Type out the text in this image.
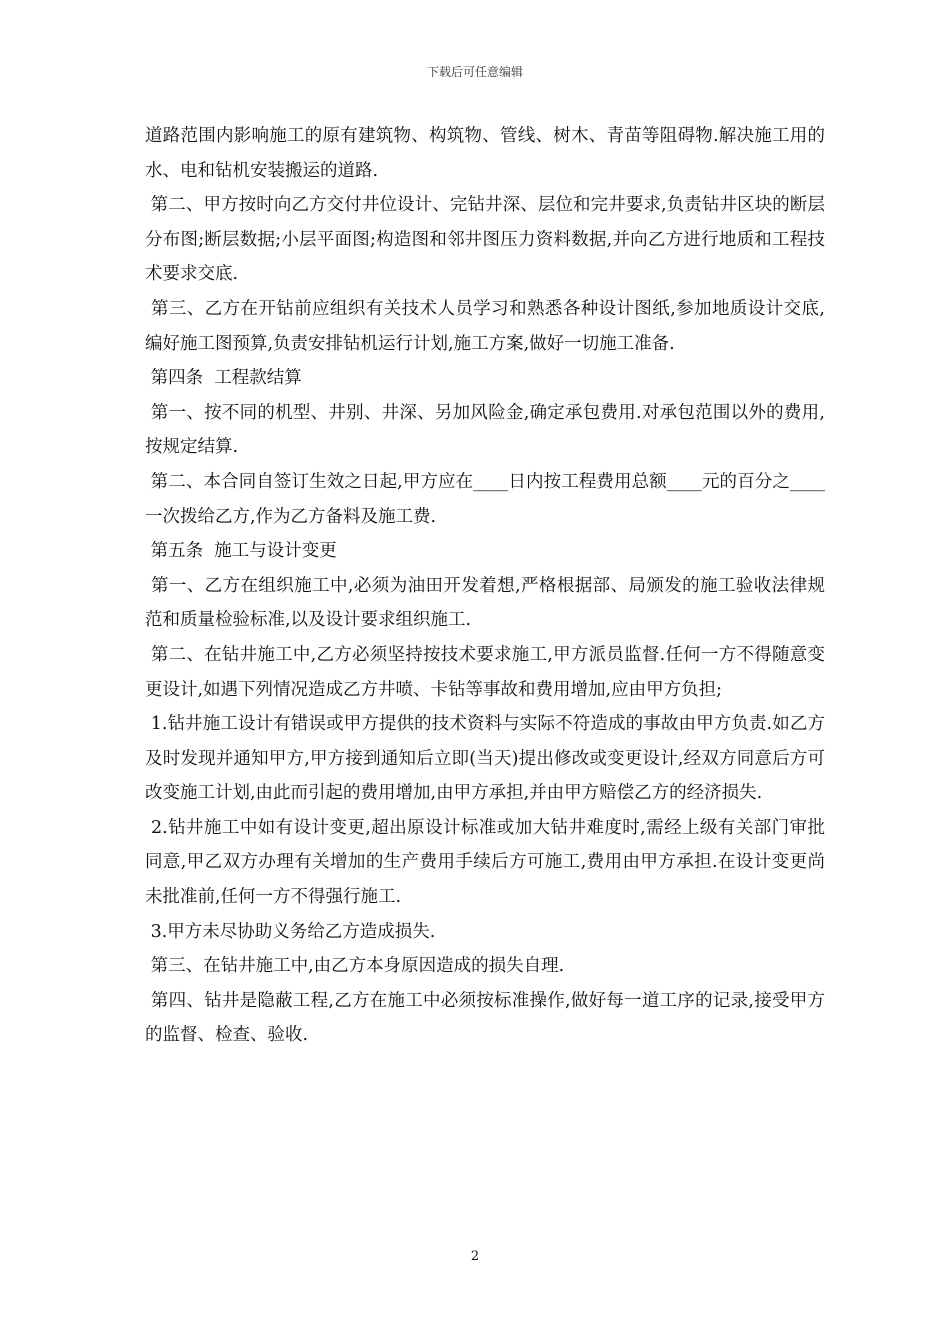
下载后可任意编辑

道路范围内影响施工的原有建筑物、构筑物、管线、树木、青苗等阻碍物.解决施工用的水、电和钻机安装搬运的道路.

第二、甲方按时向乙方交付井位设计、完钻井深、层位和完井要求,负责钻井区块的断层分布图;断层数据;小层平面图;构造图和邻井图压力资料数据,并向乙方进行地质和工程技术要求交底.

第三、乙方在开钻前应组织有关技术人员学习和熟悉各种设计图纸,参加地质设计交底,编好施工图预算,负责安排钻机运行计划,施工方案,做好一切施工准备.

第四条  工程款结算

第一、按不同的机型、井别、井深、另加风险金,确定承包费用.对承包范围以外的费用,按规定结算.

第二、本合同自签订生效之日起,甲方应在____日内按工程费用总额____元的百分之____一次拨给乙方,作为乙方备料及施工费.

第五条  施工与设计变更

第一、乙方在组织施工中,必须为油田开发着想,严格根据部、局颁发的施工验收法律规范和质量检验标准,以及设计要求组织施工.

第二、在钻井施工中,乙方必须坚持按技术要求施工,甲方派员监督.任何一方不得随意变更设计,如遇下列情况造成乙方井喷、卡钻等事故和费用增加,应由甲方负担;

1.钻井施工设计有错误或甲方提供的技术资料与实际不符造成的事故由甲方负责.如乙方及时发现并通知甲方,甲方接到通知后立即(当天)提出修改或变更设计,经双方同意后方可改变施工计划,由此而引起的费用增加,由甲方承担,并由甲方赔偿乙方的经济损失.

2.钻井施工中如有设计变更,超出原设计标准或加大钻井难度时,需经上级有关部门审批同意,甲乙双方办理有关增加的生产费用手续后方可施工,费用由甲方承担.在设计变更尚未批准前,任何一方不得强行施工.

3.甲方未尽协助义务给乙方造成损失.

第三、在钻井施工中,由乙方本身原因造成的损失自理.

第四、钻井是隐蔽工程,乙方在施工中必须按标准操作,做好每一道工序的记录,接受甲方的监督、检查、验收.

2
